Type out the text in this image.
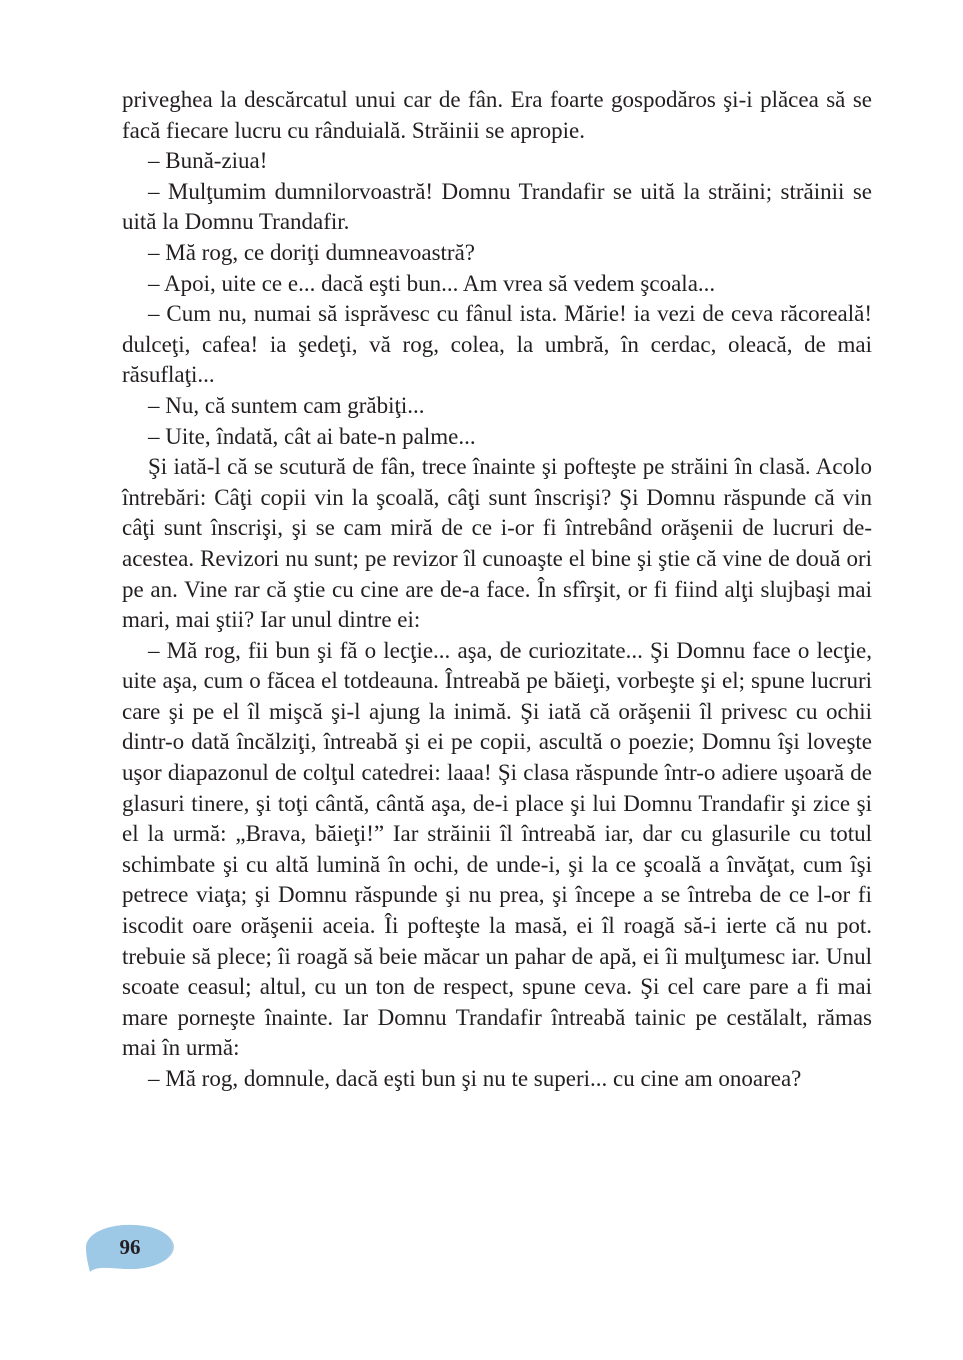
priveghea la descărcatul unui car de fân. Era foarte gospodăros şi-i plăcea să se facă fiecare lucru cu rânduială. Străinii se apropie.

– Bună-ziua!

– Mulţumim dumnilorvoastră! Domnu Trandafir se uită la străini; străinii se uită la Domnu Trandafir.

– Mă rog, ce doriţi dumneavoastră?

– Apoi, uite ce e... dacă eşti bun... Am vrea să vedem şcoala...

– Cum nu, numai să isprăvesc cu fânul ista. Mărie! ia vezi de ceva răcoreală! dulceţi, cafea! ia şedeţi, vă rog, colea, la umbră, în cerdac, oleacă, de mai răsuflaţi...

– Nu, că suntem cam grăbiţi...

– Uite, îndată, cât ai bate-n palme...

Şi iată-l că se scutură de fân, trece înainte şi pofteşte pe străini în clasă. Acolo întrebări: Câţi copii vin la şcoală, câţi sunt înscrişi? Şi Domnu răspunde că vin câţi sunt înscrişi, şi se cam miră de ce i-or fi întrebând orăşenii de lucruri de-acestea. Revizori nu sunt; pe revizor îl cunoaşte el bine şi ştie că vine de două ori pe an. Vine rar că ştie cu cine are de-a face. În sfîrşit, or fi fiind alţi slujbaşi mai mari, mai ştii? Iar unul dintre ei:

– Mă rog, fii bun şi fă o lecţie... aşa, de curiozitate... Şi Domnu face o lecţie, uite aşa, cum o făcea el totdeauna. Întreabă pe băieţi, vorbeşte şi el; spune lucruri care şi pe el îl mişcă şi-l ajung la inimă. Şi iată că orăşenii îl privesc cu ochii dintr-o dată încălziţi, întreabă şi ei pe copii, ascultă o poezie; Domnu îşi loveşte uşor diapazonul de colţul catedrei: laaa! Şi clasa răspunde într-o adiere uşoară de glasuri tinere, şi toţi cântă, cântă aşa, de-i place şi lui Domnu Trandafir şi zice şi el la urmă: „Brava, băieţi!” Iar străinii îl întreabă iar, dar cu glasurile cu totul schimbate şi cu altă lumină în ochi, de unde-i, şi la ce şcoală a învăţat, cum îşi petrece viaţa; şi Domnu răspunde şi nu prea, şi începe a se întreba de ce l-or fi iscodit oare orăşenii aceia. Îi pofteşte la masă, ei îl roagă să-i ierte că nu pot. trebuie să plece; îi roagă să beie măcar un pahar de apă, ei îi mulţumesc iar. Unul scoate ceasul; altul, cu un ton de respect, spune ceva. Şi cel care pare a fi mai mare porneşte înainte. Iar Domnu Trandafir întreabă tainic pe cestălalt, rămas mai în urmă:

– Mă rog, domnule, dacă eşti bun şi nu te superi... cu cine am onoarea?

96
